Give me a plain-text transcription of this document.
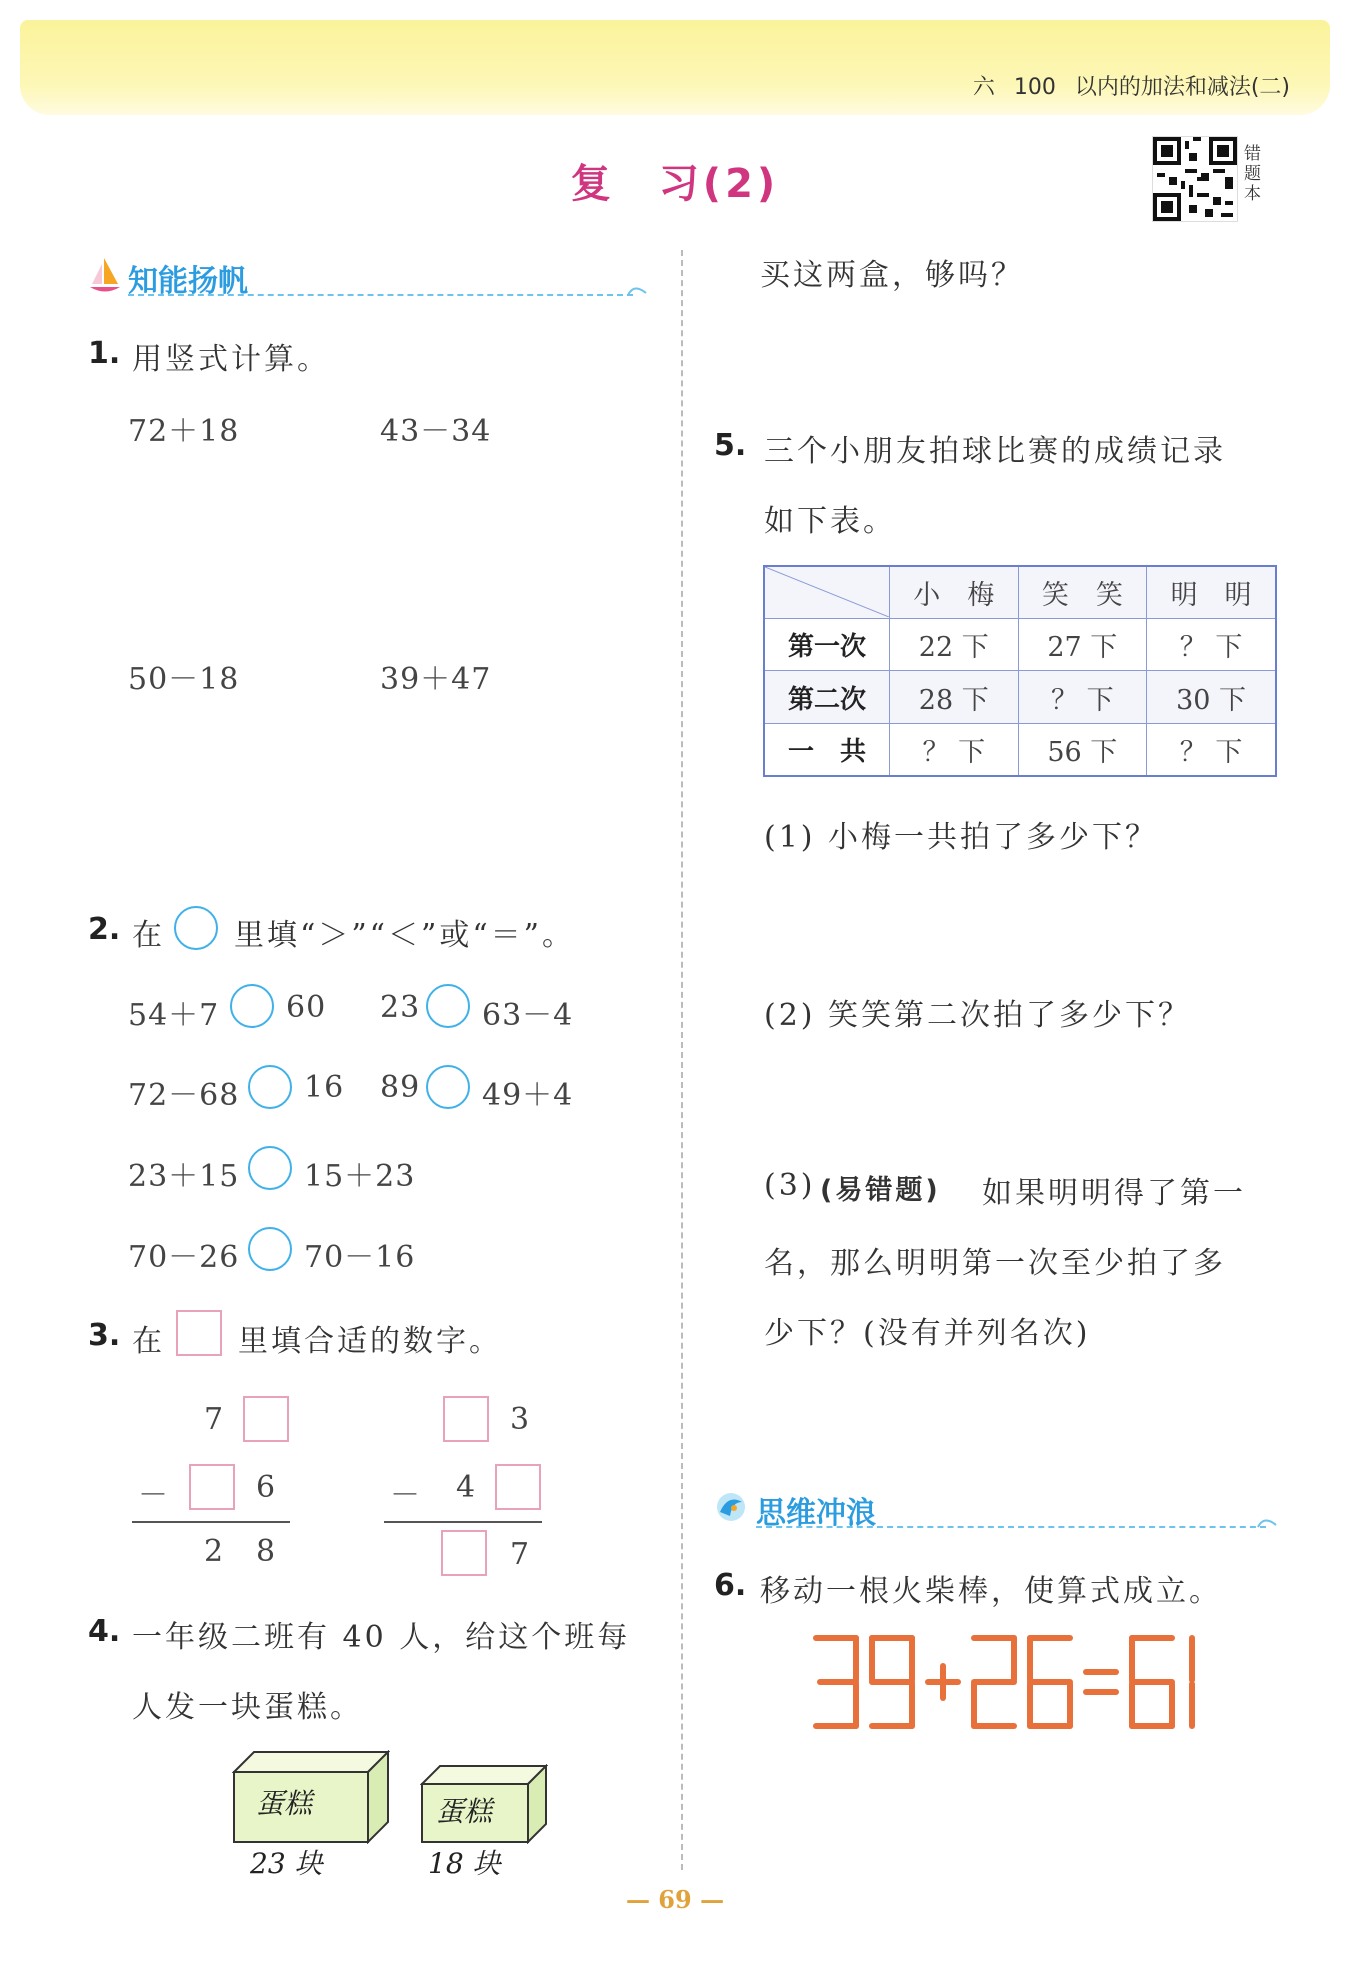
六 100 以内的加法和减法(二)
复　习(2)
错题本
知能扬帆
1. 用竖式计算。
72＋18	43－34
50－18	39＋47
2. 在 里填“＞”“＜”或“＝”。
54＋7 60 23 63－4
72－68 16 89 49＋4
23＋15 15＋23
70－26 70－16
3. 在 里填合适的数字。
7
－	6
2 8
3
－ 4
7
4. 一年级二班有 40 人，给这个班每
人发一块蛋糕。
蛋糕
23 块
蛋糕
18 块
买这两盒，够吗？
5. 三个小朋友拍球比赛的成绩记录
如下表。
	小　梅	笑　笑	明　明
第一次	22 下	27 下	？ 下
第二次	28 下	？ 下	30 下
一　共	？ 下	56 下	？ 下
(1) 小梅一共拍了多少下？
(2) 笑笑第二次拍了多少下？
(3) (易错题) 如果明明得了第一
名，那么明明第一次至少拍了多
少下？(没有并列名次)
思维冲浪
6. 移动一根火柴棒，使算式成立。
— 69 —
